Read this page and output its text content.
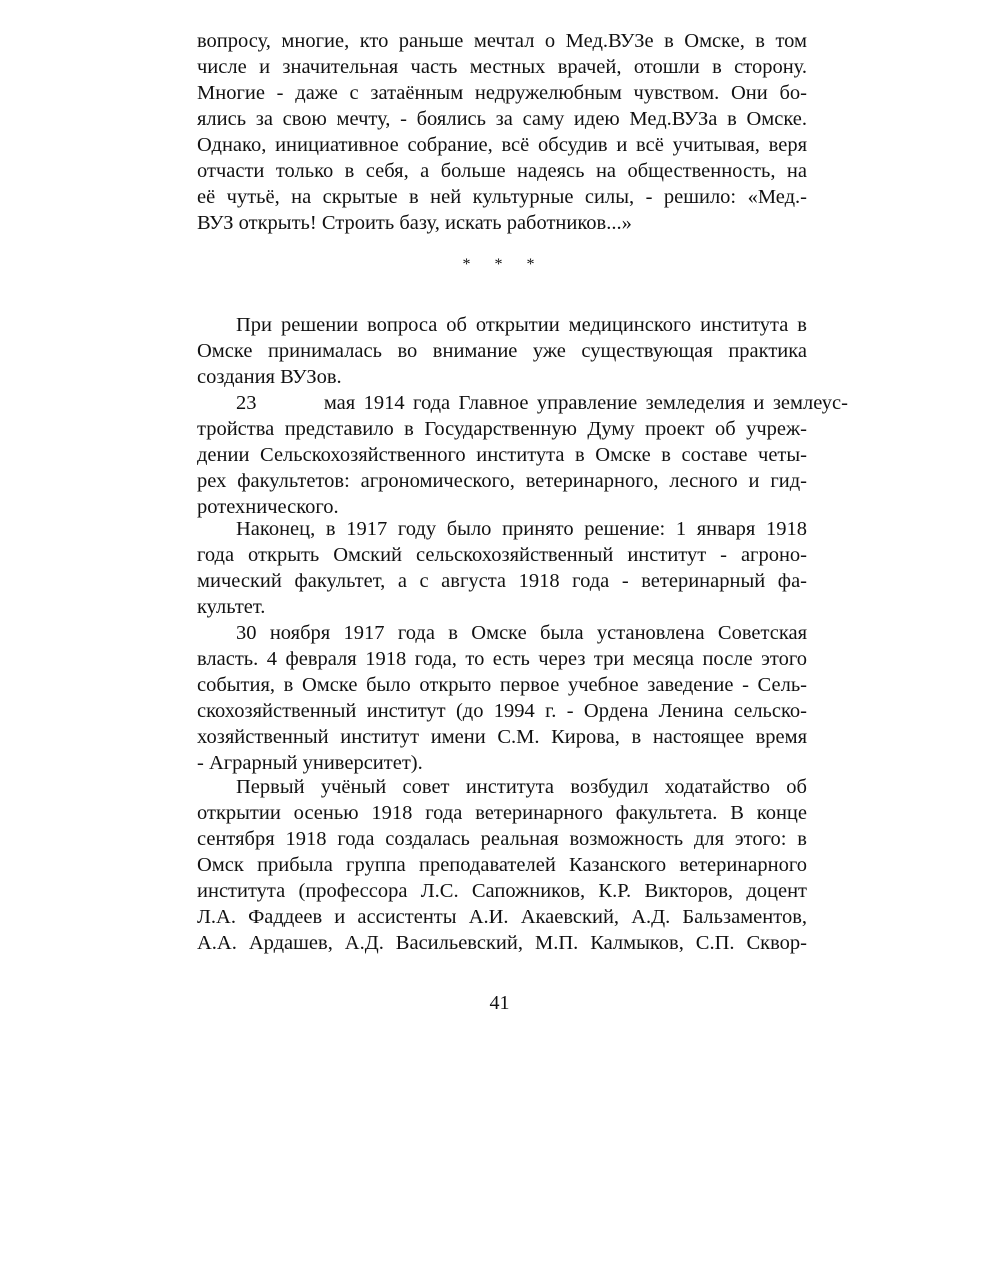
вопросу, многие, кто раньше мечтал о Мед.ВУЗе в Омске, в том
числе и значительная часть местных врачей, отошли в сторону.
Многие - даже с затаённым недружелюбным чувством. Они бо-
ялись за свою мечту, - боялись за саму идею Мед.ВУЗа в Омске.
Однако, инициативное собрание, всё обсудив и всё учитывая, веря
отчасти только в себя, а больше надеясь на общественность, на
её чутьё, на скрытые в ней культурные силы, - решило: «Мед.-
ВУЗ открыть! Строить базу, искать работников...»
* * *
При решении вопроса об открытии медицинского института в
Омске принималась во внимание уже существующая практика
создания ВУЗов.
23        мая 1914 года Главное управление земледелия и землеус-
тройства представило в Государственную Думу проект об учреж-
дении Сельскохозяйственного института в Омске в составе четы-
рех факультетов: агрономического, ветеринарного, лесного и гид-
ротехнического.
Наконец, в 1917 году было принято решение: 1 января 1918
года открыть Омский сельскохозяйственный институт - агроно-
мический факультет, а с августа 1918 года - ветеринарный фа-
культет.
30 ноября 1917 года в Омске была установлена Советская
власть. 4 февраля 1918 года, то есть через три месяца после этого
события, в Омске было открыто первое учебное заведение - Сель-
скохозяйственный институт (до 1994 г. - Ордена Ленина сельско-
хозяйственный институт имени С.М. Кирова, в настоящее время
- Аграрный университет).
Первый учёный совет института возбудил ходатайство об
открытии осенью 1918 года ветеринарного факультета. В конце
сентября 1918 года создалась реальная возможность для этого: в
Омск прибыла группа преподавателей Казанского ветеринарного
института (профессора Л.С. Сапожников, К.Р. Викторов, доцент
Л.А. Фаддеев и ассистенты А.И. Акаевский, А.Д. Бальзаментов,
А.А. Ардашев, А.Д. Васильевский, М.П. Калмыков, С.П. Сквор-
41
